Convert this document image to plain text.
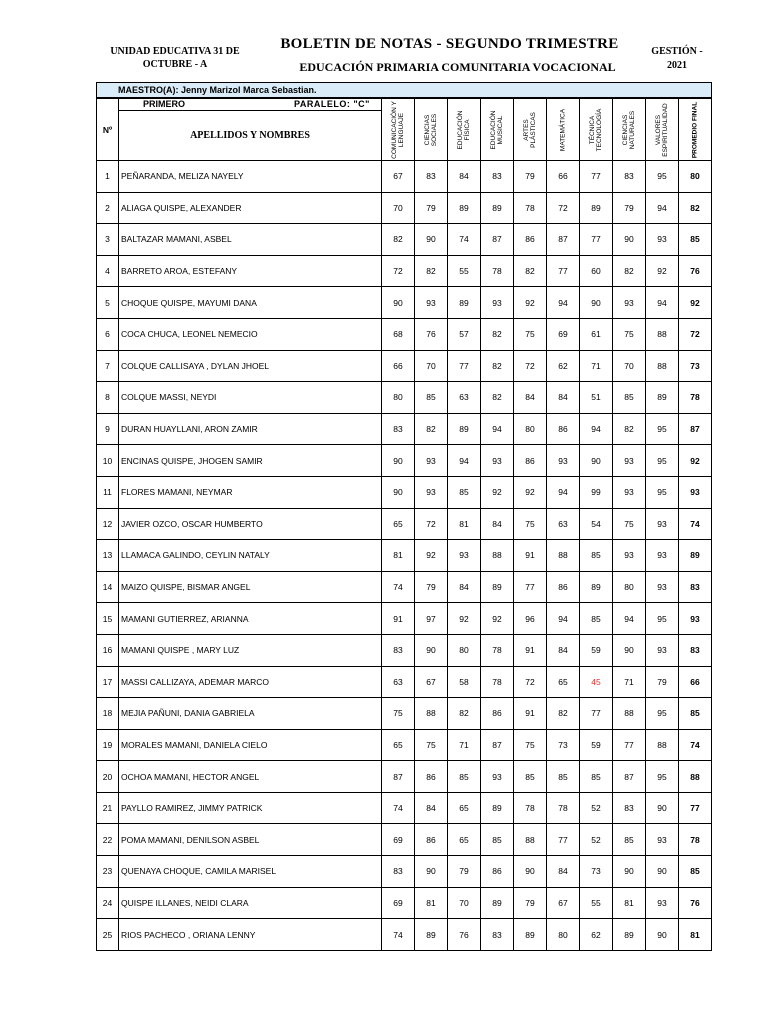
UNIDAD EDUCATIVA 31 DE
OCTUBRE - A
BOLETIN DE NOTAS - SEGUNDO TRIMESTRE
EDUCACIÓN PRIMARIA COMUNITARIA VOCACIONAL
GESTIÓN -
2021
MAESTRO(A): Jenny Marizol Marca Sebastian.
Nº	PRIMERO PARALELO: "C"
APELLIDOS Y NOMBRES	COMUNICACIÓN Y LENGUAJE	CIENCIAS SOCIALES	EDUCACIÓN FÍSICA	EDUCACIÓN MUSICAL	ARTES PLÁSTICAS	MATEMÁTICA	TÉCNICA TECNOLOGÍA	CIENCIAS NATURALES	VALORES ESPIRITUALIDAD	PROMEDIO FINAL

1	PEÑARANDA, MELIZA NAYELY	67	83	84	83	79	66	77	83	95	80
2	ALIAGA QUISPE, ALEXANDER	70	79	89	89	78	72	89	79	94	82
3	BALTAZAR MAMANI, ASBEL	82	90	74	87	86	87	77	90	93	85
4	BARRETO AROA, ESTEFANY	72	82	55	78	82	77	60	82	92	76
5	CHOQUE QUISPE, MAYUMI DANA	90	93	89	93	92	94	90	93	94	92
6	COCA CHUCA, LEONEL NEMECIO	68	76	57	82	75	69	61	75	88	72
7	COLQUE CALLISAYA , DYLAN JHOEL	66	70	77	82	72	62	71	70	88	73
8	COLQUE MASSI, NEYDI	80	85	63	82	84	84	51	85	89	78
9	DURAN HUAYLLANI, ARON ZAMIR	83	82	89	94	80	86	94	82	95	87
10	ENCINAS QUISPE, JHOGEN SAMIR	90	93	94	93	86	93	90	93	95	92
11	FLORES MAMANI, NEYMAR	90	93	85	92	92	94	99	93	95	93
12	JAVIER OZCO, OSCAR HUMBERTO	65	72	81	84	75	63	54	75	93	74
13	LLAMACA GALINDO, CEYLIN NATALY	81	92	93	88	91	88	85	93	93	89
14	MAIZO QUISPE, BISMAR ANGEL	74	79	84	89	77	86	89	80	93	83
15	MAMANI GUTIERREZ, ARIANNA	91	97	92	92	96	94	85	94	95	93
16	MAMANI QUISPE , MARY LUZ	83	90	80	78	91	84	59	90	93	83
17	MASSI CALLIZAYA, ADEMAR MARCO	63	67	58	78	72	65	45	71	79	66
18	MEJIA PAÑUNI, DANIA GABRIELA	75	88	82	86	91	82	77	88	95	85
19	MORALES MAMANI, DANIELA CIELO	65	75	71	87	75	73	59	77	88	74
20	OCHOA MAMANI, HECTOR ANGEL	87	86	85	93	85	85	85	87	95	88
21	PAYLLO RAMIREZ, JIMMY PATRICK	74	84	65	89	78	78	52	83	90	77
22	POMA MAMANI, DENILSON ASBEL	69	86	65	85	88	77	52	85	93	78
23	QUENAYA CHOQUE, CAMILA MARISEL	83	90	79	86	90	84	73	90	90	85
24	QUISPE ILLANES, NEIDI CLARA	69	81	70	89	79	67	55	81	93	76
25	RIOS PACHECO , ORIANA LENNY	74	89	76	83	89	80	62	89	90	81
